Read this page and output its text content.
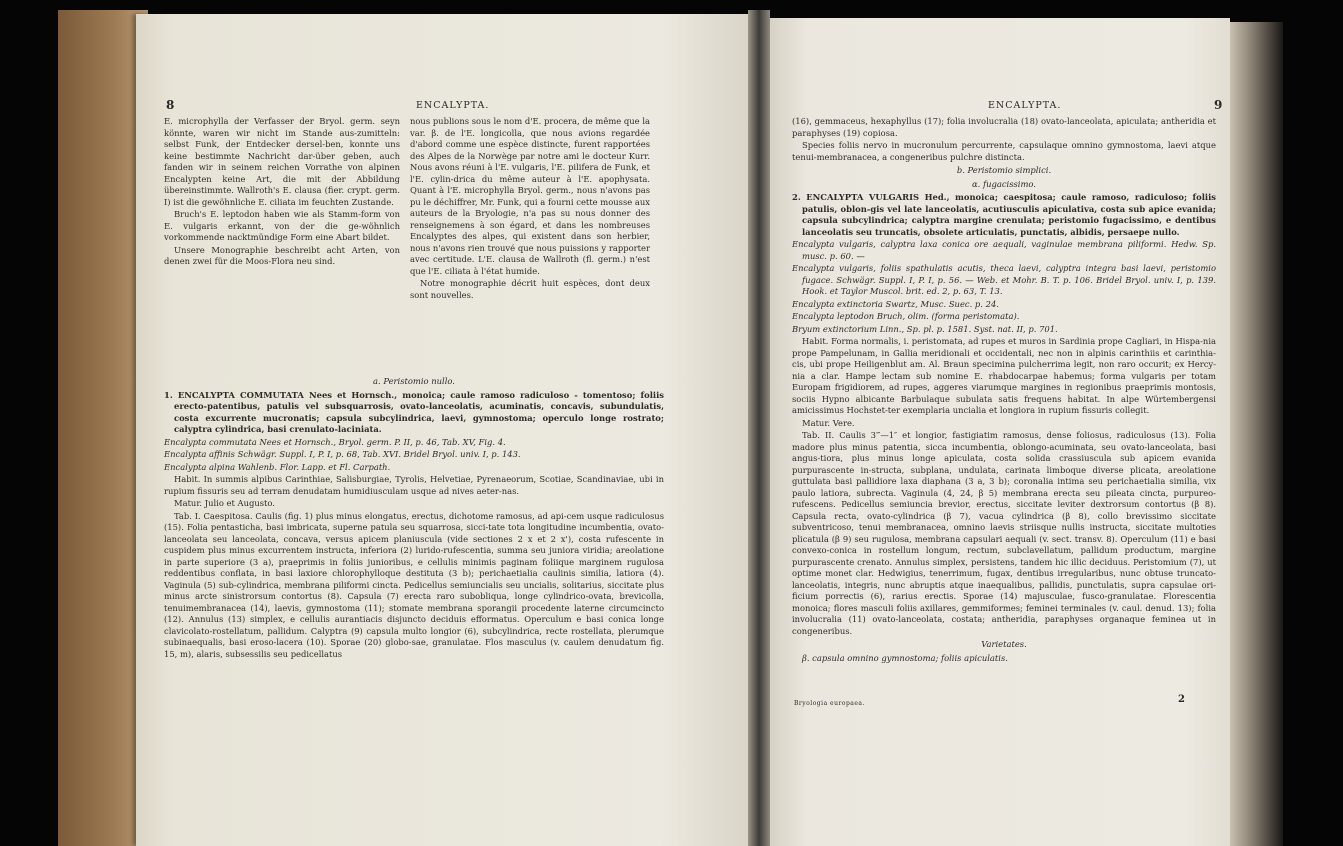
8	ENCALYPTA.

E. microphylla der Verfasser der Bryol. germ. seyn könnte, waren wir nicht im Stande aus-zumitteln: selbst Funk, der Entdecker dersel-ben, konnte uns keine bestimmte Nachricht dar-über geben, auch fanden wir in seinem reichen Vorrathe von alpinen Encalypten keine Art, die mit der Abbildung übereinstimmte. Wallroth's E. clausa (fier. crypt. germ. I) ist die gewöhnliche E. ciliata im feuchten Zustande.

Bruch's E. leptodon haben wie als Stamm-form von E. vulgaris erkannt, von der die ge-wöhnlich vorkommende nacktmündige Form eine Abart bildet.

Unsere Monographie beschreibt acht Arten, von denen zwei für die Moos-Flora neu sind.

nous publions sous le nom d'E. procera, de même que la var. β. de l'E. longicolla, que nous avions regardée d'abord comme une espèce distincte, furent rapportées des Alpes de la Norwège par notre ami le docteur Kurr. Nous avons réuni à l'E. vulgaris, l'E. pilifera de Funk, et l'E. cylin-drica du même auteur à l'E. apophysata. Quant à l'E. microphylla Bryol. germ., nous n'avons pas pu le déchiffrer, Mr. Funk, qui a fourni cette mousse aux auteurs de la Bryologie, n'a pas su nous donner des renseignemens à son égard, et dans les nombreuses Encalyptes des alpes, qui existent dans son herbier, nous n'avons rien trouvé que nous puissions y rapporter avec certitude. L'E. clausa de Wallroth (fl. germ.) n'est que l'E. ciliata à l'état humide.

Notre monographie décrit huit espèces, dont deux sont nouvelles.

a. Peristomio nullo.

1. ENCALYPTA COMMUTATA Nees et Hornsch., monoica; caule ramoso radiculoso - tomentoso; foliis erecto-patentibus, patulis vel subsquarrosis, ovato-lanceolatis, acuminatis, concavis, subundulatis, costa excurrente mucronatis; capsula subcylindrica, laevi, gymnostoma; operculo longe rostrato; calyptra cylindrica, basi crenulato-laciniata.

Encalypta commutata Nees et Hornsch., Bryol. germ. P. II, p. 46, Tab. XV, Fig. 4.

Encalypta affinis Schwägr. Suppl. I, P. I, p. 68, Tab. XVI. Bridel Bryol. univ. I, p. 143.

Encalypta alpina Wahlenb. Flor. Lapp. et Fl. Carpath.

Habit. In summis alpibus Carinthiae, Salisburgiae, Tyrolis, Helvetiae, Pyrenaeorum, Scotiae, Scandinaviae, ubi in rupium fissuris seu ad terram denudatam humidiusculam usque ad nives aeter-nas.

Matur. Julio et Augusto.

Tab. I. Caespitosa. Caulis (fig. 1) plus minus elongatus, erectus, dichotome ramosus, ad api-cem usque radiculosus (15). Folia pentasticha, basi imbricata, superne patula seu squarrosa, sicci-tate tota longitudine incumbentia, ovato-lanceolata seu lanceolata, concava, versus apicem planiuscula (vide sectiones 2 x et 2 x'), costa rufescente in cuspidem plus minus excurrentem instructa, inferiora (2) lurido-rufescentia, summa seu juniora viridia; areolatione in parte superiore (3 a), praeprimis in foliis junioribus, e cellulis minimis paginam foliique marginem rugulosa reddentibus conflata, in basi laxiore chlorophylloque destituta (3 b); perichaetialia caulinis similia, latiora (4). Vaginula (5) sub-cylindrica, membrana piliformi cincta. Pedicellus semiuncialis seu uncialis, solitarius, siccitate plus minus arcte sinistrorsum contortus (8). Capsula (7) erecta raro subobliqua, longe cylindrico-ovata, brevicolla, tenuimembranacea (14), laevis, gymnostoma (11); stomate membrana sporangii procedente laterne circumcincto (12). Annulus (13) simplex, e cellulis aurantiacis disjuncto deciduis efformatus. Operculum e basi conica longe clavicolato-rostellatum, pallidum. Calyptra (9) capsula multo longior (6), subcylindrica, recte rostellata, plerumque subinaequalis, basi eroso-lacera (10). Sporae (20) globo-sae, granulatae. Flos masculus (v. caulem denudatum fig. 15, m), alaris, subsessilis seu pedicellatus

ENCALYPTA.	9

(16), gemmaceus, hexaphyllus (17); folia involucralia (18) ovato-lanceolata, apiculata; antheridia et paraphyses (19) copiosa.

Species foliis nervo in mucronulum percurrente, capsulaque omnino gymnostoma, laevi atque tenui-membranacea, a congeneribus pulchre distincta.

b. Peristomio simplici.

α. fugacissimo.

2. ENCALYPTA VULGARIS Hed., monoica; caespitosa; caule ramoso, radiculoso; foliis patulis, oblon-gis vel late lanceolatis, acutiusculis apiculativa, costa sub apice evanida; capsula subcylindrica; calyptra margine crenulata; peristomio fugacissimo, e dentibus lanceolatis seu truncatis, obsolete articulatis, punctatis, albidis, persaepe nullo.

Encalypta vulgaris, calyptra laxa conica ore aequali, vaginulae membrana piliformi. Hedw. Sp. musc. p. 60. —

Encalypta vulgaris, foliis spathulatis acutis, theca laevi, calyptra integra basi laevi, peristomio fugace. Schwägr. Suppl. I, P. I, p. 56. — Web. et Mohr. B. T. p. 106. Bridel Bryol. univ. I, p. 139. Hook. et Taylor Muscol. brit. ed. 2, p. 63, T. 13.

Encalypta extinctoria Swartz, Musc. Suec. p. 24.

Encalypta leptodon Bruch, olim. (forma peristomata).

Bryum extinctorium Linn., Sp. pl. p. 1581. Syst. nat. II, p. 701.

Habit. Forma normalis, i. peristomata, ad rupes et muros in Sardinia prope Cagliari, in Hispa-nia prope Pampelunam, in Gallia meridionali et occidentali, nec non in alpinis carinthiis et carinthia-cis, ubi prope Heiligenblut am. Al. Braun specimina pulcherrima legit, non raro occurit; ex Hercy-nia a clar. Hampe lectam sub nomine E. rhabdocarpae habemus; forma vulgaris per totam Europam frigidiorem, ad rupes, aggeres viarumque margines in regionibus praeprimis montosis, sociis Hypno albicante Barbulaque subulata satis frequens habitat. In alpe Würtembergensi amicissimus Hochstet-ter exemplaria uncialia et longiora in rupium fissuris collegit.

Matur. Vere.

Tab. II. Caulis 3‴—1″ et longior, fastigiatim ramosus, dense foliosus, radiculosus (13). Folia madore plus minus patentia, sicca incumbentia, oblongo-acuminata, seu ovato-lanceolata, basi angus-tiora, plus minus longe apiculata, costa solida crassiuscula sub apicem evanida purpurascente in-structa, subplana, undulata, carinata limboque diverse plicata, areolatione guttulata basi pallidiore laxa diaphana (3 a, 3 b); coronalia intima seu perichaetialia similia, vix paulo latiora, subrecta. Vaginula (4, 24, β 5) membrana erecta seu pileata cincta, purpureo-rufescens. Pedicellus semiuncia brevior, erectus, siccitate leviter dextrorsum contortus (β 8). Capsula recta, ovato-cylindrica (β 7), vacua cylindrica (β 8), collo brevissimo siccitate subventricoso, tenui membranacea, omnino laevis striisque nullis instructa, siccitate multoties plicatula (β 9) seu rugulosa, membrana capsulari aequali (v. sect. transv. 8). Operculum (11) e basi convexo-conica in rostellum longum, rectum, subclavellatum, pallidum productum, margine purpurascente crenato. Annulus simplex, persistens, tandem hic illic deciduus. Peristomium (7), ut optime monet clar. Hedwigius, tenerrimum, fugax, dentibus irregularibus, nunc obtuse truncato-lanceolatis, integris, nunc abruptis atque inaequalibus, pallidis, punctulatis, supra capsulae ori-ficium porrectis (6), rarius erectis. Sporae (14) majusculae, fusco-granulatae. Florescentia monoica; flores masculi foliis axillares, gemmiformes; feminei terminales (v. caul. denud. 13); folia involucralia (11) ovato-lanceolata, costata; antheridia, paraphyses organaque feminea ut in congeneribus.

Varietates.

β. capsula omnino gymnostoma; foliis apiculatis.

Bryologia europaea.	2
